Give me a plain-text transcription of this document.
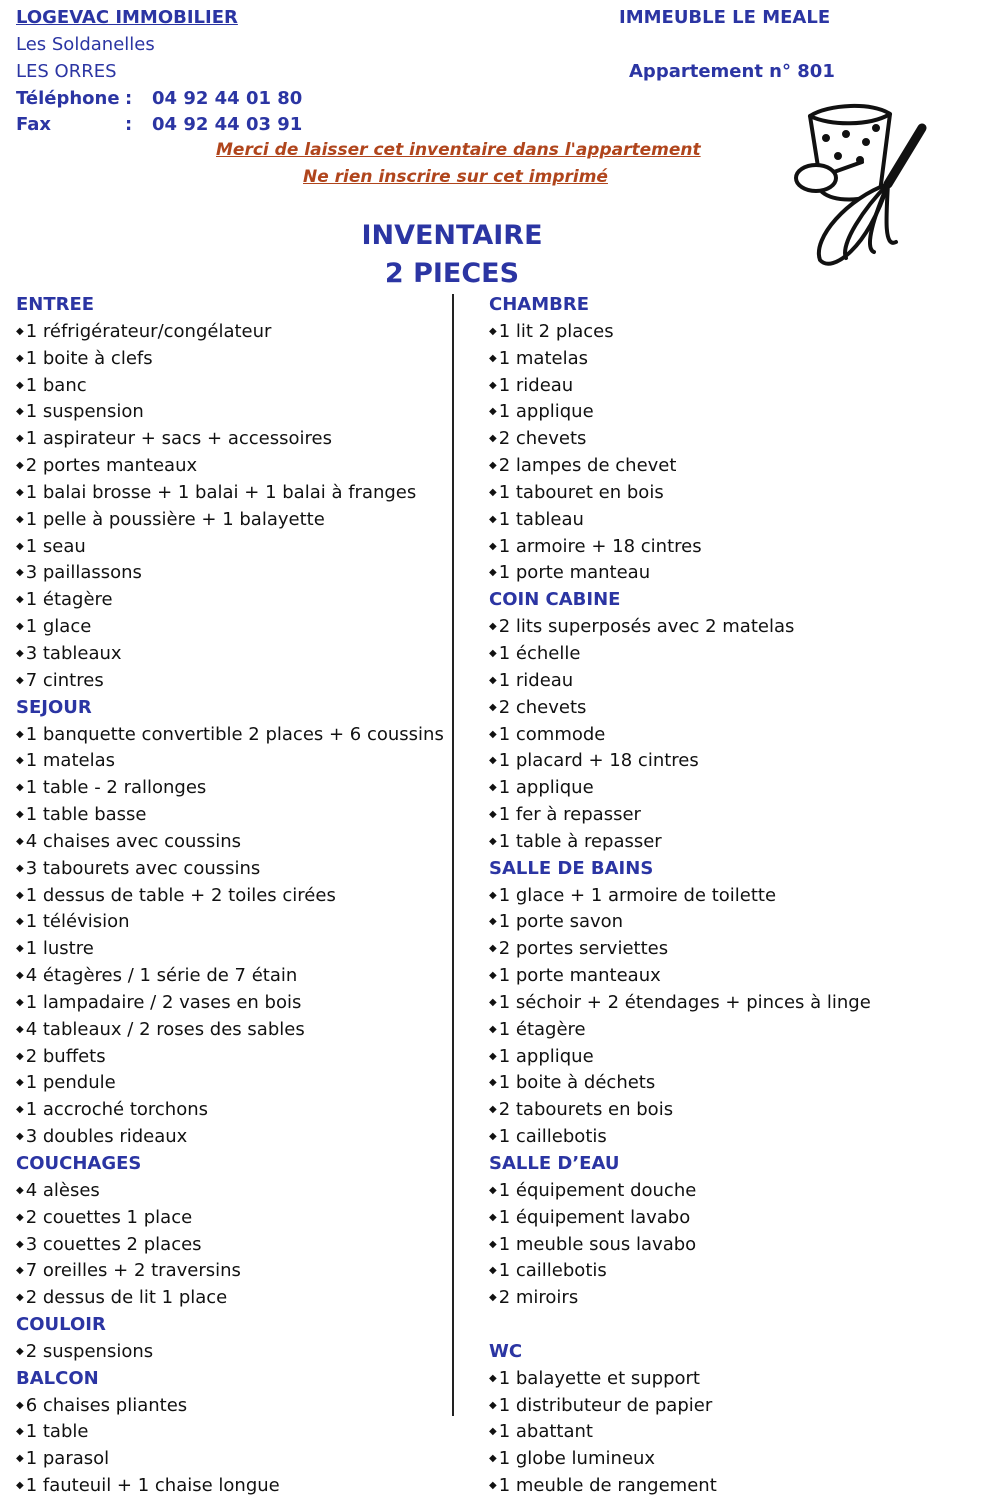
LOGEVAC IMMOBILIER
Les Soldanelles
LES ORRES
Téléphone : 04 92 44 01 80
Fax	: 04 92 44 03 91
IMMEUBLE LE MEALE
Appartement n° 801
Merci de laisser cet inventaire dans l'appartement
Ne rien inscrire sur cet imprimé
INVENTAIRE
2 PIECES
ENTREE
◆ 1 réfrigérateur/congélateur
◆ 1 boite à clefs
◆ 1 banc
◆ 1 suspension
◆ 1 aspirateur + sacs + accessoires
◆ 2 portes manteaux
◆ 1 balai brosse + 1 balai + 1 balai à franges
◆ 1 pelle à poussière + 1 balayette
◆ 1 seau
◆ 3 paillassons
◆ 1 étagère
◆ 1 glace
◆ 3 tableaux
◆ 7 cintres
SEJOUR
◆ 1 banquette convertible 2 places + 6 coussins
◆ 1 matelas
◆ 1 table - 2 rallonges
◆ 1 table basse
◆ 4 chaises avec coussins
◆ 3 tabourets avec coussins
◆ 1 dessus de table + 2 toiles cirées
◆ 1 télévision
◆ 1 lustre
◆ 4 étagères / 1 série de 7 étain
◆ 1 lampadaire / 2 vases en bois
◆ 4 tableaux / 2 roses des sables
◆ 2 buffets
◆ 1 pendule
◆ 1 accroché torchons
◆ 3 doubles rideaux
COUCHAGES
◆ 4 alèses
◆ 2 couettes 1 place
◆ 3 couettes 2 places
◆ 7 oreilles + 2 traversins
◆ 2 dessus de lit 1 place
COULOIR
◆ 2 suspensions
BALCON
◆ 6 chaises pliantes
◆ 1 table
◆ 1 parasol
◆ 1 fauteuil + 1 chaise longue
CHAMBRE
◆ 1 lit 2 places
◆ 1 matelas
◆ 1 rideau
◆ 1 applique
◆ 2 chevets
◆ 2 lampes de chevet
◆ 1 tabouret en bois
◆ 1 tableau
◆ 1 armoire + 18 cintres
◆ 1 porte manteau
COIN CABINE
◆ 2 lits superposés avec 2 matelas
◆ 1 échelle
◆ 1 rideau
◆ 2 chevets
◆ 1 commode
◆ 1 placard + 18 cintres
◆ 1 applique
◆ 1 fer à repasser
◆ 1 table à repasser
SALLE DE BAINS
◆ 1 glace + 1 armoire de toilette
◆ 1 porte savon
◆ 2 portes serviettes
◆ 1 porte manteaux
◆ 1 séchoir + 2 étendages + pinces à linge
◆ 1 étagère
◆ 1 applique
◆ 1 boite à déchets
◆ 2 tabourets en bois
◆ 1 caillebotis
SALLE D’EAU
◆ 1 équipement douche
◆ 1 équipement lavabo
◆ 1 meuble sous lavabo
◆ 1 caillebotis
◆ 2 miroirs
WC
◆ 1 balayette et support
◆ 1 distributeur de papier
◆ 1 abattant
◆ 1 globe lumineux
◆ 1 meuble de rangement
